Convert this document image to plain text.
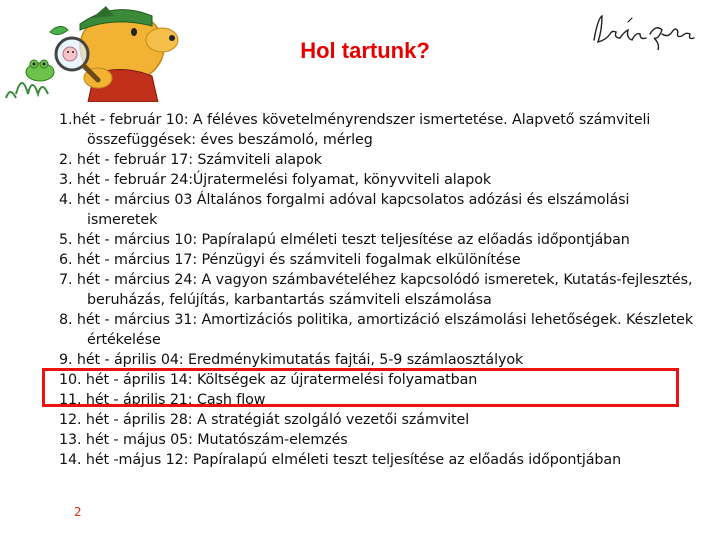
Hol tartunk?
1.hét - február 10: A féléves követelményrendszer ismertetése. Alapvető számviteli összefüggések: éves beszámoló, mérleg
2. hét - február 17: Számviteli alapok
3. hét - február 24:Újratermelési folyamat, könyvviteli alapok
4. hét - március 03 Általános forgalmi adóval kapcsolatos adózási és elszámolási ismeretek
5. hét - március 10: Papíralapú elméleti teszt teljesítése az előadás időpontjában
6. hét - március 17: Pénzügyi és számviteli fogalmak elkülönítése
7. hét - március 24: A vagyon számbavételéhez kapcsolódó ismeretek, Kutatás-fejlesztés, beruházás, felújítás, karbantartás számviteli elszámolása
8. hét - március 31: Amortizációs politika, amortizáció elszámolási lehetőségek. Készletek értékelése
9. hét - április 04: Eredménykimutatás fajtái, 5-9 számlaosztályok
10. hét - április 14: Költségek az újratermelési folyamatban
11. hét - április 21: Cash flow
12. hét - április 28: A stratégiát szolgáló vezetői számvitel
13. hét - május 05: Mutatószám-elemzés
14. hét -május 12: Papíralapú elméleti teszt teljesítése az előadás időpontjában
2
